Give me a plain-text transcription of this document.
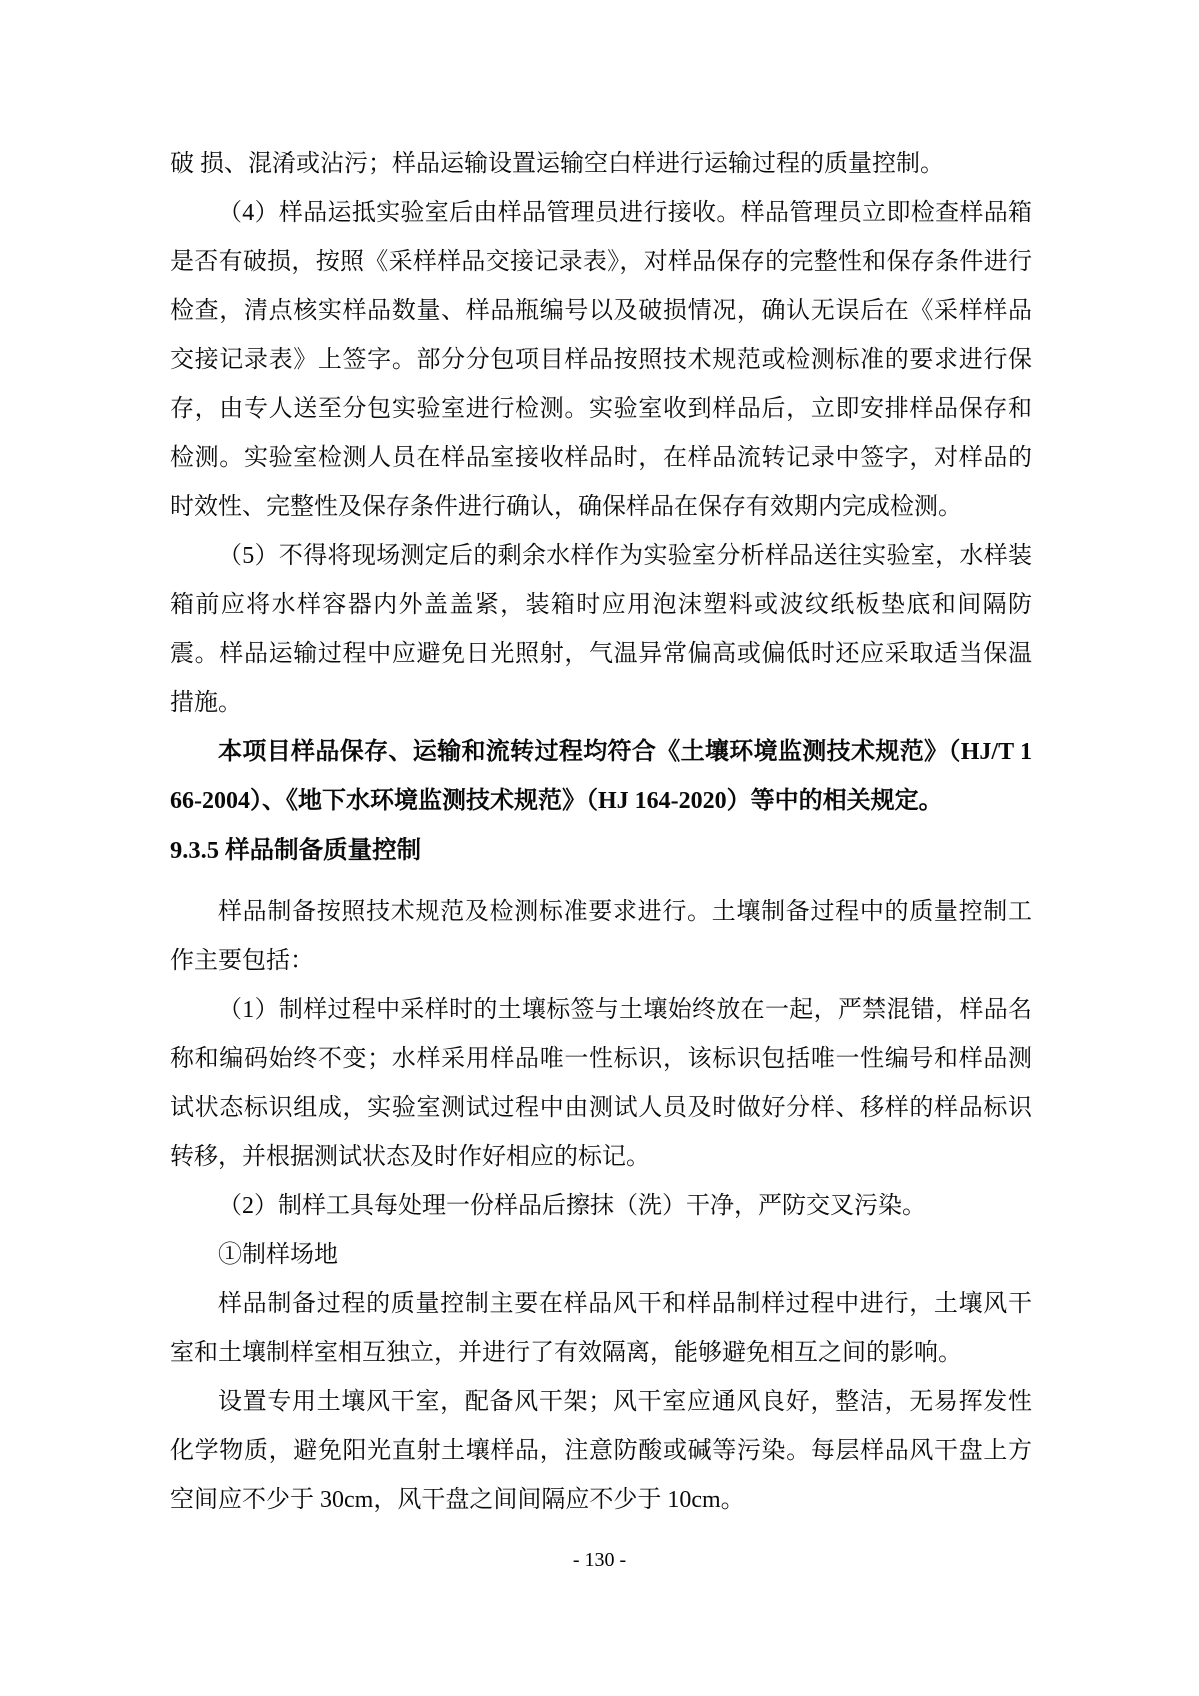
破 损、混淆或沾污；样品运输设置运输空白样进行运输过程的质量控制。

（4）样品运抵实验室后由样品管理员进行接收。样品管理员立即检查样品箱是否有破损，按照《采样样品交接记录表》，对样品保存的完整性和保存条件进行检查，清点核实样品数量、样品瓶编号以及破损情况，确认无误后在《采样样品交接记录表》上签字。部分分包项目样品按照技术规范或检测标准的要求进行保存，由专人送至分包实验室进行检测。实验室收到样品后，立即安排样品保存和检测。实验室检测人员在样品室接收样品时，在样品流转记录中签字，对样品的时效性、完整性及保存条件进行确认，确保样品在保存有效期内完成检测。

（5）不得将现场测定后的剩余水样作为实验室分析样品送往实验室，水样装箱前应将水样容器内外盖盖紧，装箱时应用泡沫塑料或波纹纸板垫底和间隔防震。样品运输过程中应避免日光照射，气温异常偏高或偏低时还应采取适当保温措施。

本项目样品保存、运输和流转过程均符合《土壤环境监测技术规范》（HJ/T 166-2004）、《地下水环境监测技术规范》（HJ 164-2020）等中的相关规定。

9.3.5 样品制备质量控制

样品制备按照技术规范及检测标准要求进行。土壤制备过程中的质量控制工作主要包括：

（1）制样过程中采样时的土壤标签与土壤始终放在一起，严禁混错，样品名称和编码始终不变；水样采用样品唯一性标识，该标识包括唯一性编号和样品测试状态标识组成，实验室测试过程中由测试人员及时做好分样、移样的样品标识转移，并根据测试状态及时作好相应的标记。

（2）制样工具每处理一份样品后擦抹（洗）干净，严防交叉污染。

①制样场地

样品制备过程的质量控制主要在样品风干和样品制样过程中进行，土壤风干室和土壤制样室相互独立，并进行了有效隔离，能够避免相互之间的影响。

设置专用土壤风干室，配备风干架；风干室应通风良好，整洁，无易挥发性化学物质，避免阳光直射土壤样品，注意防酸或碱等污染。每层样品风干盘上方空间应不少于 30cm，风干盘之间间隔应不少于 10cm。

- 130 -
